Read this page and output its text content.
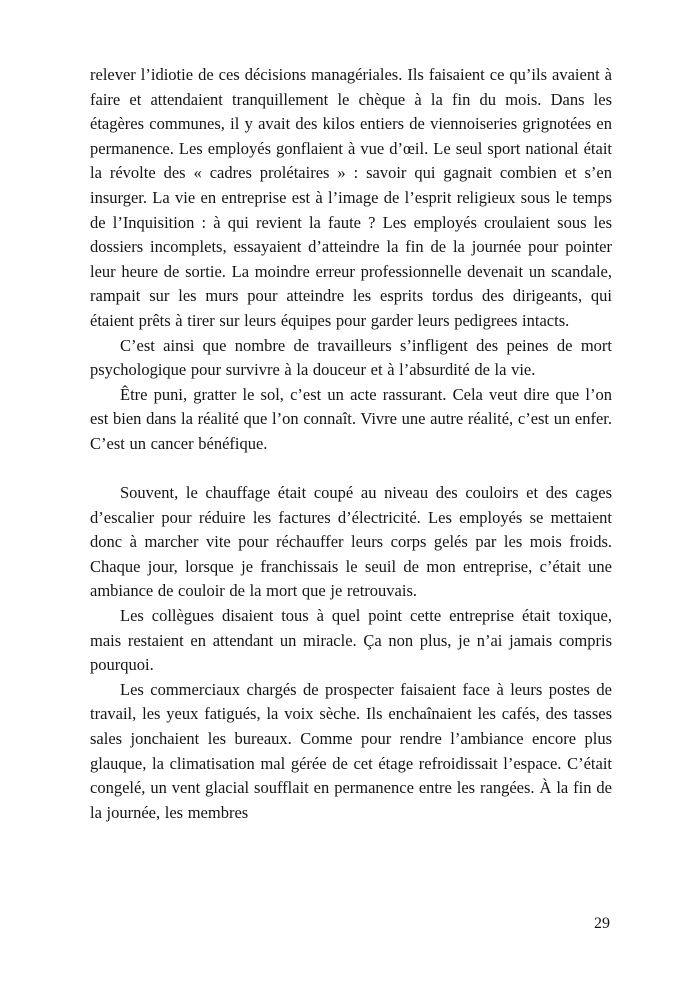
relever l’idiotie de ces décisions managériales. Ils faisaient ce qu’ils avaient à faire et attendaient tranquillement le chèque à la fin du mois. Dans les étagères communes, il y avait des kilos entiers de viennoiseries grignotées en permanence. Les employés gonflaient à vue d’œil. Le seul sport national était la révolte des « cadres prolétaires » : savoir qui gagnait combien et s’en insurger. La vie en entreprise est à l’image de l’esprit religieux sous le temps de l’Inquisition : à qui revient la faute ? Les employés croulaient sous les dossiers incomplets, essayaient d’atteindre la fin de la journée pour pointer leur heure de sortie. La moindre erreur professionnelle devenait un scandale, rampait sur les murs pour atteindre les esprits tordus des dirigeants, qui étaient prêts à tirer sur leurs équipes pour garder leurs pedigrees intacts.

C’est ainsi que nombre de travailleurs s’infligent des peines de mort psychologique pour survivre à la douceur et à l’absurdité de la vie.

Être puni, gratter le sol, c’est un acte rassurant. Cela veut dire que l’on est bien dans la réalité que l’on connaît. Vivre une autre réalité, c’est un enfer. C’est un cancer bénéfique.

Souvent, le chauffage était coupé au niveau des couloirs et des cages d’escalier pour réduire les factures d’électricité. Les employés se mettaient donc à marcher vite pour réchauffer leurs corps gelés par les mois froids. Chaque jour, lorsque je franchissais le seuil de mon entreprise, c’était une ambiance de couloir de la mort que je retrouvais.

Les collègues disaient tous à quel point cette entreprise était toxique, mais restaient en attendant un miracle. Ça non plus, je n’ai jamais compris pourquoi.

Les commerciaux chargés de prospecter faisaient face à leurs postes de travail, les yeux fatigués, la voix sèche. Ils enchaînaient les cafés, des tasses sales jonchaient les bureaux. Comme pour rendre l’ambiance encore plus glauque, la climatisation mal gérée de cet étage refroidissait l’espace. C’était congelé, un vent glacial soufflait en permanence entre les rangées. À la fin de la journée, les membres

29
